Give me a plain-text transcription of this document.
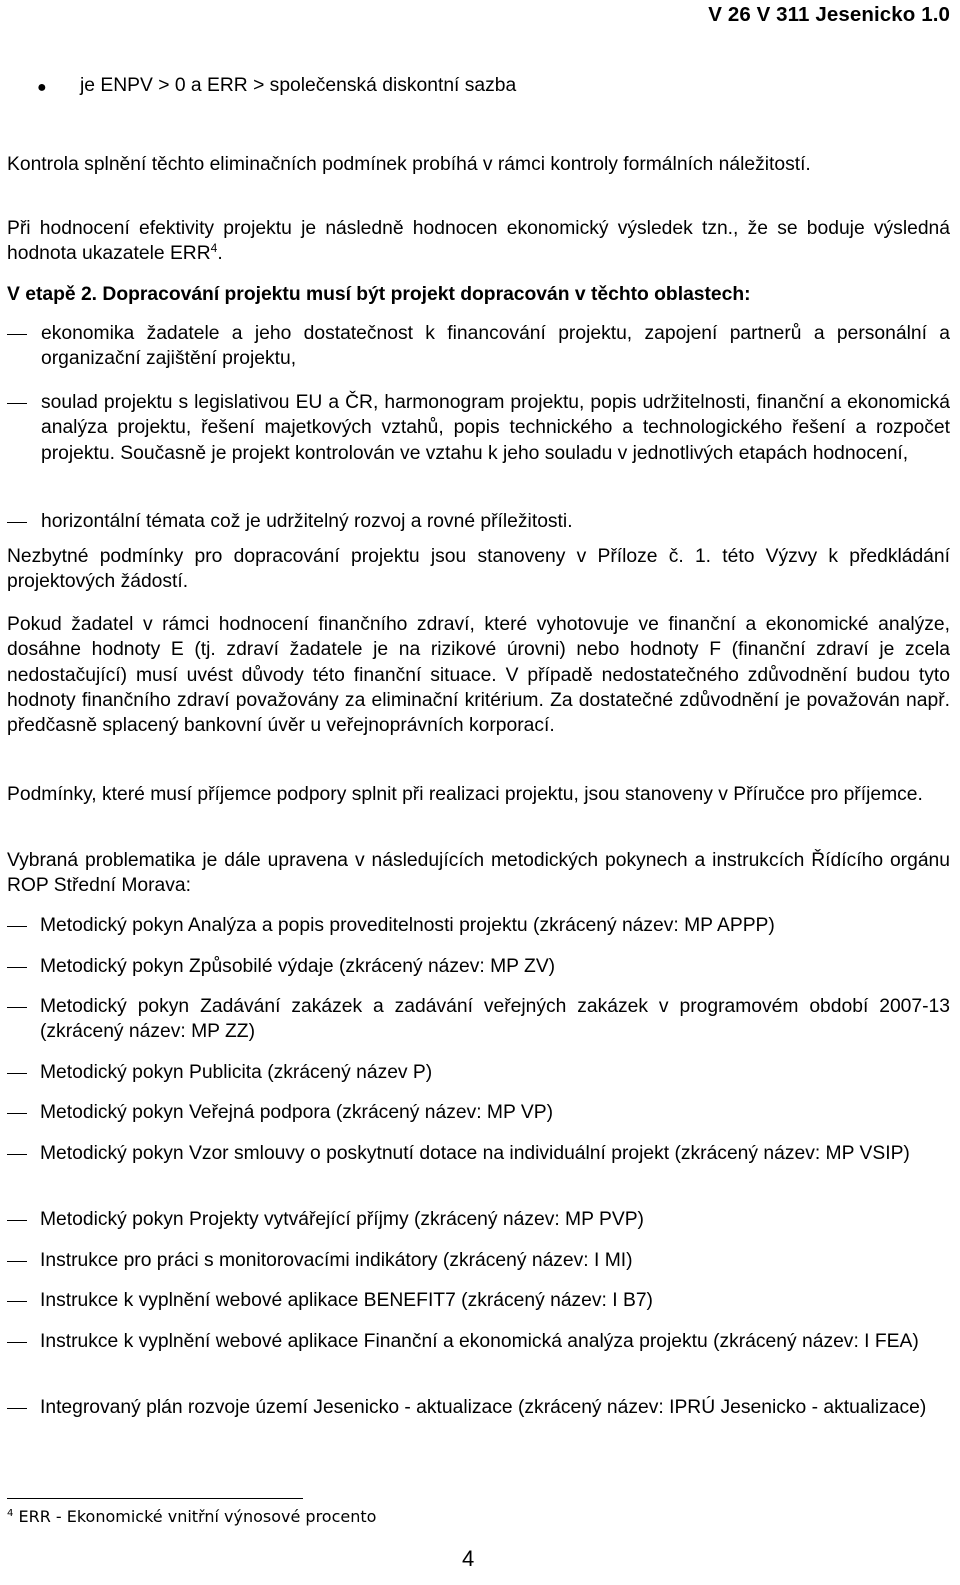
V 26 V 311 Jesenicko 1.0
● je ENPV > 0 a ERR > společenská diskontní sazba

Kontrola splnění těchto eliminačních podmínek probíhá v rámci kontroly formálních náležitostí.

Při hodnocení efektivity projektu je následně hodnocen ekonomický výsledek tzn., že se boduje výsledná hodnota ukazatele ERR$^4$.

V etapě 2. Dopracování projektu musí být projekt dopracován v těchto oblastech:

ekonomika žadatele a jeho dostatečnost k financování projektu, zapojení partnerů a personální a organizační zajištění projektu,

soulad projektu s legislativou EU a ČR, harmonogram projektu, popis udržitelnosti, finanční a ekonomická analýza projektu, řešení majetkových vztahů, popis technického a technologického řešení a rozpočet projektu. Současně je projekt kontrolován ve vztahu k jeho souladu v jednotlivých etapách hodnocení,

horizontální témata což je udržitelný rozvoj a rovné příležitosti.

Nezbytné podmínky pro dopracování projektu jsou stanoveny v Příloze č. 1. této Výzvy k předkládání projektových žádostí.

Pokud žadatel v rámci hodnocení finančního zdraví, které vyhotovuje ve finanční a ekonomické analýze, dosáhne hodnoty E (tj. zdraví žadatele je na rizikové úrovni) nebo hodnoty F (finanční zdraví je zcela nedostačující) musí uvést důvody této finanční situace. V případě nedostatečného zdůvodnění budou tyto hodnoty finančního zdraví považovány za eliminační kritérium. Za dostatečné zdůvodnění je považován např. předčasně splacený bankovní úvěr u veřejnoprávních korporací.

Podmínky, které musí příjemce podpory splnit při realizaci projektu, jsou stanoveny v Příručce pro příjemce.

Vybraná problematika je dále upravena v následujících metodických pokynech a instrukcích Řídícího orgánu ROP Střední Morava:

Metodický pokyn Analýza a popis proveditelnosti projektu (zkrácený název: MP APPP)

Metodický pokyn Způsobilé výdaje (zkrácený název: MP ZV)

Metodický pokyn Zadávání zakázek a zadávání veřejných zakázek v programovém období 2007-13 (zkrácený název: MP ZZ)

Metodický pokyn Publicita (zkrácený název P)

Metodický pokyn Veřejná podpora (zkrácený název: MP VP)

Metodický pokyn Vzor smlouvy o poskytnutí dotace na individuální projekt (zkrácený název: MP VSIP)

Metodický pokyn Projekty vytvářející příjmy (zkrácený název: MP PVP)

Instrukce pro práci s monitorovacími indikátory (zkrácený název: I MI)

Instrukce k vyplnění webové aplikace BENEFIT7 (zkrácený název: I B7)

Instrukce k vyplnění webové aplikace Finanční a ekonomická analýza projektu (zkrácený název: I FEA)

Integrovaný plán rozvoje území Jesenicko - aktualizace (zkrácený název: IPRÚ Jesenicko - aktualizace)

$^4$ ERR - Ekonomické vnitřní výnosové procento
4
